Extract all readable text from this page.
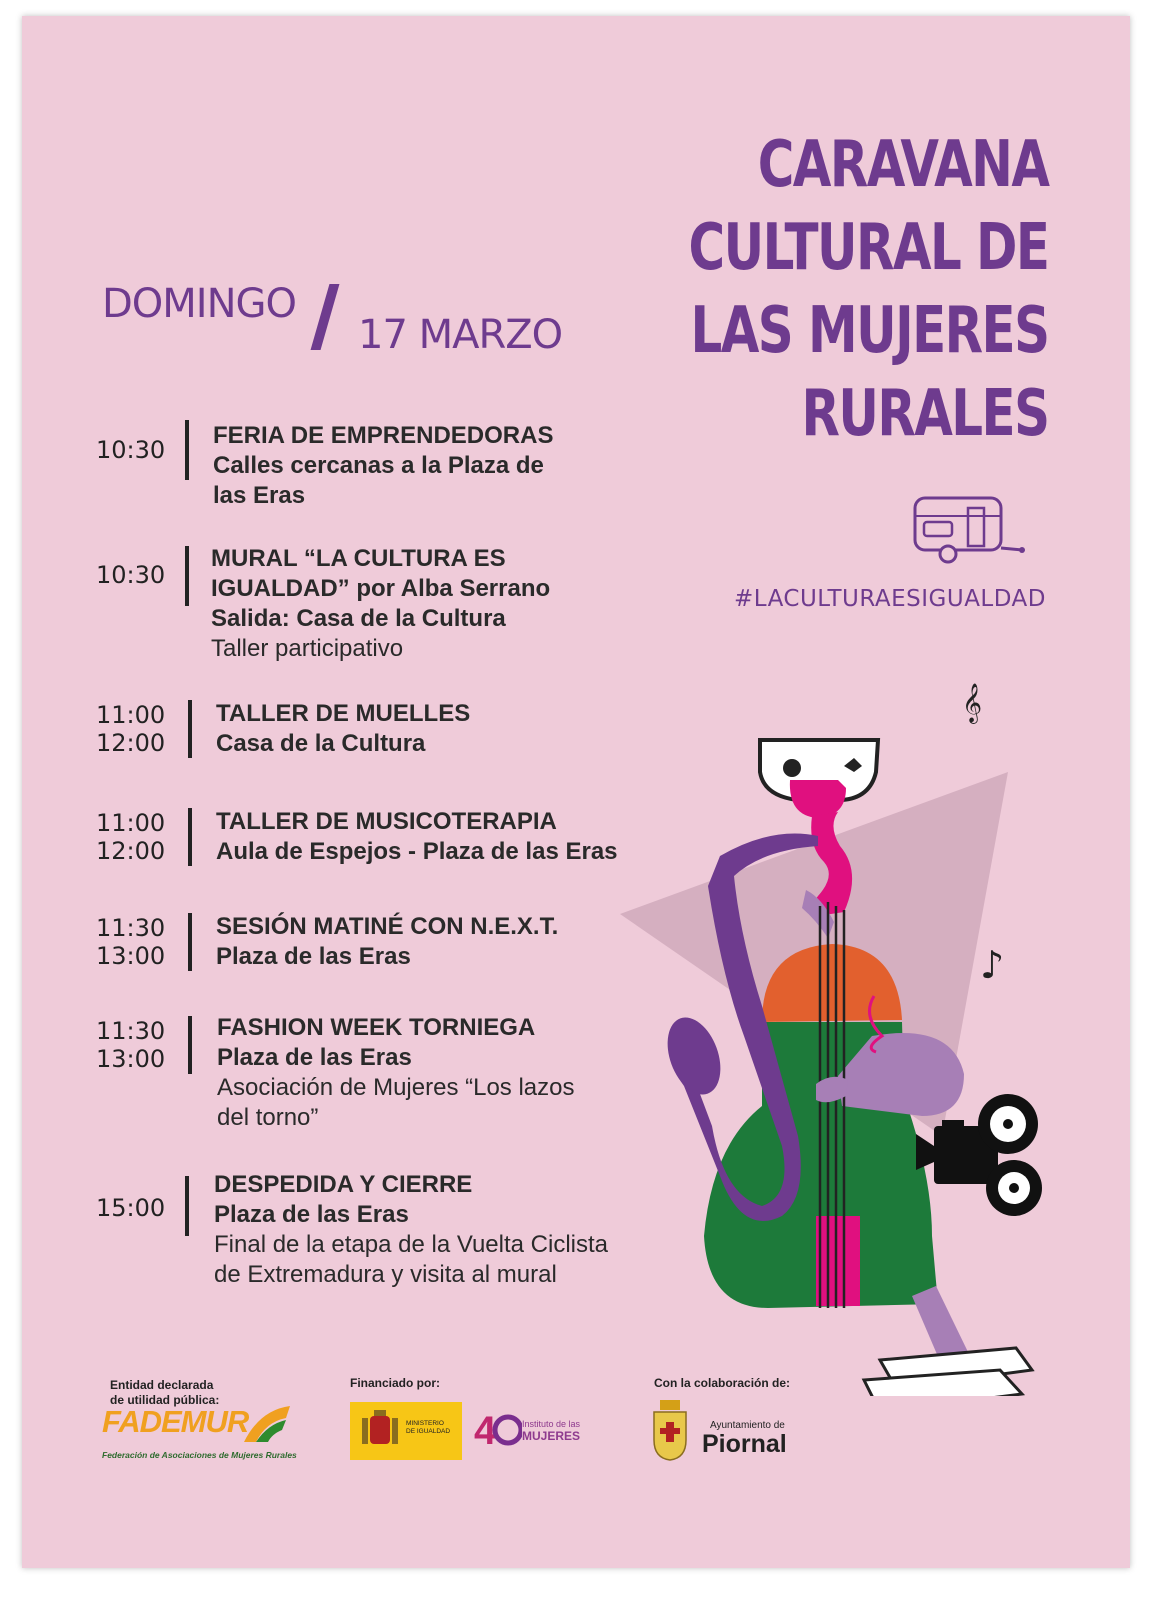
CARAVANA
CULTURAL DE
LAS MUJERES
RURALES
DOMINGO
17 MARZO
10:30
FERIA DE EMPRENDEDORAS
Calles cercanas a la Plaza de
las Eras
10:30
MURAL “LA CULTURA ES
IGUALDAD” por Alba Serrano
Salida: Casa de la Cultura
Taller participativo
11:00
12:00
TALLER DE MUELLES
Casa de la Cultura
11:00
12:00
TALLER DE MUSICOTERAPIA
Aula de Espejos - Plaza de las Eras
11:30
13:00
SESIÓN MATINÉ CON N.E.X.T.
Plaza de las Eras
11:30
13:00
FASHION WEEK TORNIEGA
Plaza de las Eras
Asociación de Mujeres “Los lazos
del torno”
15:00
DESPEDIDA Y CIERRE
Plaza de las Eras
Final de la etapa de la Vuelta Ciclista
de Extremadura y visita al mural
#LACULTURAESIGUALDAD
𝄞
♪
Entidad declarada
de utilidad pública:
FADEMUR
Federación de Asociaciones de Mujeres Rurales
Financiado por:
MINISTERIO
DE IGUALDAD 4	Instituto de las
MUJERES
Con la colaboración de:
Ayuntamiento de
Piornal
